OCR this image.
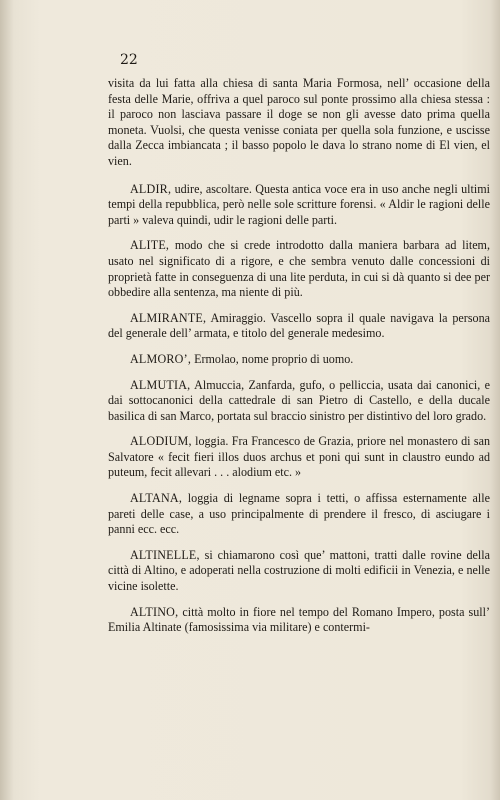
22

visita da lui fatta alla chiesa di santa Maria Formosa, nell’ occasione della festa delle Marie, offriva a quel paroco sul ponte prossimo alla chiesa stessa : il paroco non lasciava passare il doge se non gli avesse dato prima quella moneta. Vuolsi, che questa venisse coniata per quella sola funzione, e uscisse dalla Zecca imbiancata ; il basso popolo le dava lo strano nome di El vien, el vien.

ALDIR, udire, ascoltare. Questa antica voce era in uso anche negli ultimi tempi della repubblica, però nelle sole scritture forensi. « Aldir le ragioni delle parti » valeva quindi, udir le ragioni delle parti.

ALITE, modo che si crede introdotto dalla maniera barbara ad litem, usato nel significato di a rigore, e che sembra venuto dalle concessioni di proprietà fatte in conseguenza di una lite perduta, in cui si dà quanto si dee per obbedire alla sentenza, ma niente di più.

ALMIRANTE, Amiraggio. Vascello sopra il quale navigava la persona del generale dell’ armata, e titolo del generale medesimo.

ALMORO’, Ermolao, nome proprio di uomo.

ALMUTIA, Almuccia, Zanfarda, gufo, o pelliccia, usata dai canonici, e dai sottocanonici della cattedrale di san Pietro di Castello, e della ducale basilica di san Marco, portata sul braccio sinistro per distintivo del loro grado.

ALODIUM, loggia. Fra Francesco de Grazia, priore nel monastero di san Salvatore « fecit fieri illos duos archus et poni qui sunt in claustro eundo ad puteum, fecit allevari . . . alodium etc. »

ALTANA, loggia di legname sopra i tetti, o affissa esternamente alle pareti delle case, a uso principalmente di prendere il fresco, di asciugare i panni ecc. ecc.

ALTINELLE, si chiamarono così que’ mattoni, tratti dalle rovine della città di Altino, e adoperati nella costruzione di molti edificii in Venezia, e nelle vicine isolette.

ALTINO, città molto in fiore nel tempo del Romano Impero, posta sull’ Emilia Altinate (famosissima via militare) e contermi-
